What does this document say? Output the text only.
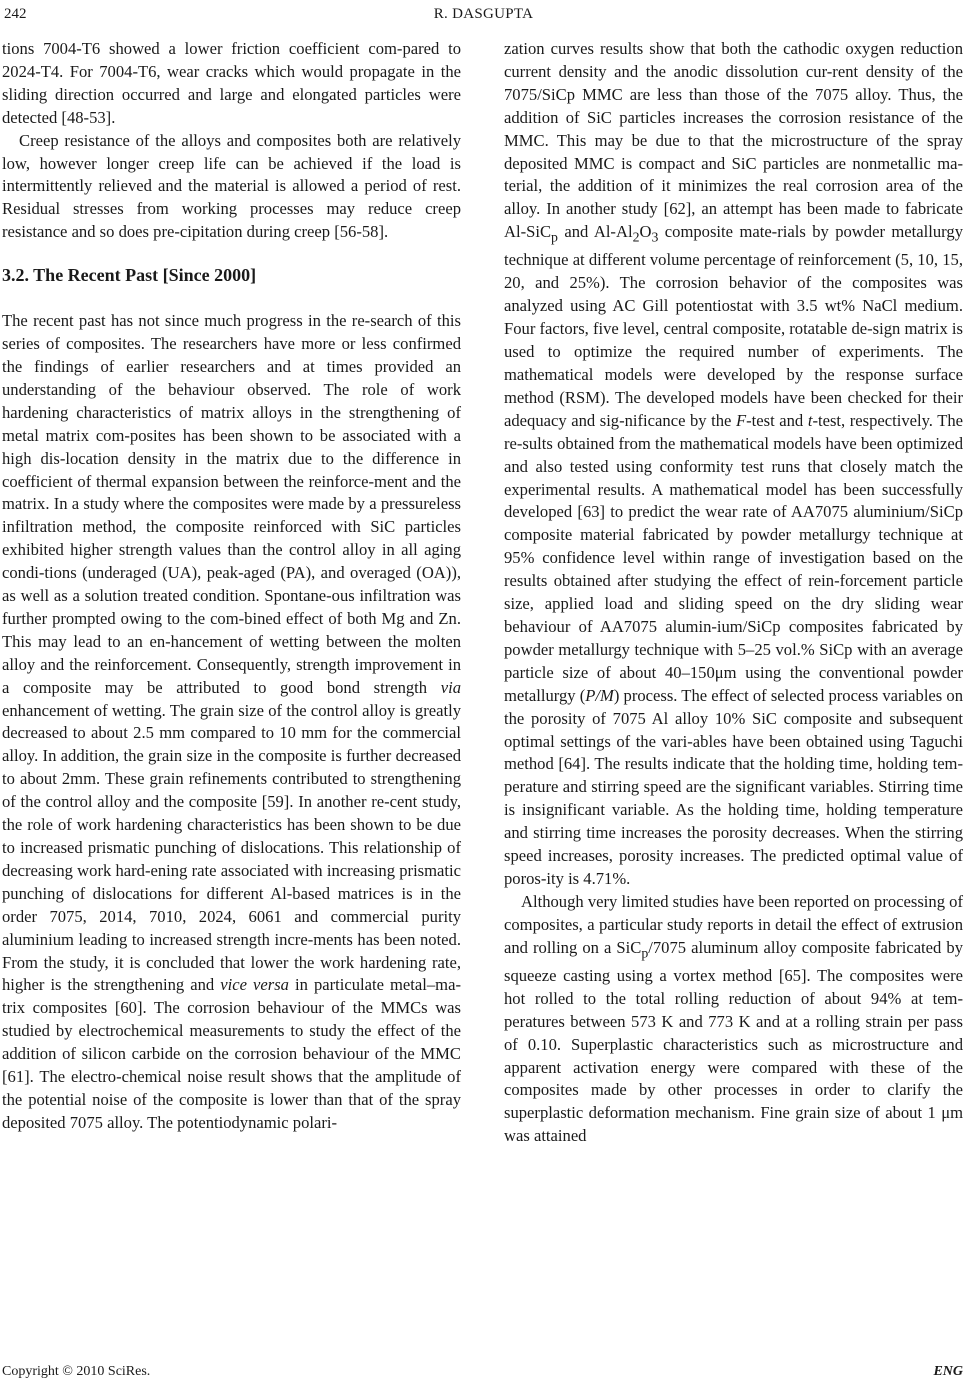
242	R. DASGUPTA

tions 7004-T6 showed a lower friction coefficient com-pared to 2024-T4. For 7004-T6, wear cracks which would propagate in the sliding direction occurred and large and elongated particles were detected [48-53].

Creep resistance of the alloys and composites both are relatively low, however longer creep life can be achieved if the load is intermittently relieved and the material is allowed a period of rest. Residual stresses from working processes may reduce creep resistance and so does pre-cipitation during creep [56-58].

3.2. The Recent Past [Since 2000]

The recent past has not since much progress in the re-search of this series of composites. The researchers have more or less confirmed the findings of earlier researchers and at times provided an understanding of the behaviour observed. The role of work hardening characteristics of matrix alloys in the strengthening of metal matrix com-posites has been shown to be associated with a high dis-location density in the matrix due to the difference in coefficient of thermal expansion between the reinforce-ment and the matrix. In a study where the composites were made by a pressureless infiltration method, the composite reinforced with SiC particles exhibited higher strength values than the control alloy in all aging condi-tions (underaged (UA), peak-aged (PA), and overaged (OA)), as well as a solution treated condition. Spontane-ous infiltration was further prompted owing to the com-bined effect of both Mg and Zn. This may lead to an en-hancement of wetting between the molten alloy and the reinforcement. Consequently, strength improvement in a composite may be attributed to good bond strength via enhancement of wetting. The grain size of the control alloy is greatly decreased to about 2.5 mm compared to 10 mm for the commercial alloy. In addition, the grain size in the composite is further decreased to about 2mm. These grain refinements contributed to strengthening of the control alloy and the composite [59]. In another re-cent study, the role of work hardening characteristics has been shown to be due to increased prismatic punching of dislocations. This relationship of decreasing work hard-ening rate associated with increasing prismatic punching of dislocations for different Al-based matrices is in the order 7075, 2014, 7010, 2024, 6061 and commercial purity aluminium leading to increased strength incre-ments has been noted. From the study, it is concluded that lower the work hardening rate, higher is the strengthening and vice versa in particulate metal–ma-trix composites [60]. The corrosion behaviour of the MMCs was studied by electrochemical measurements to study the effect of the addition of silicon carbide on the corrosion behaviour of the MMC [61]. The electro-chemical noise result shows that the amplitude of the potential noise of the composite is lower than that of the spray deposited 7075 alloy. The potentiodynamic polari-

zation curves results show that both the cathodic oxygen reduction current density and the anodic dissolution cur-rent density of the 7075/SiCp MMC are less than those of the 7075 alloy. Thus, the addition of SiC particles increases the corrosion resistance of the MMC. This may be due to that the microstructure of the spray deposited MMC is compact and SiC particles are nonmetallic ma-terial, the addition of it minimizes the real corrosion area of the alloy. In another study [62], an attempt has been made to fabricate Al-SiC$_p$ and $Al-Al_2O_3$ composite mate-rials by powder metallurgy technique at different volume percentage of reinforcement (5, 10, 15, 20, and 25%). The corrosion behavior of the composites was analyzed using AC Gill potentiostat with 3.5 wt% NaCl medium. Four factors, five level, central composite, rotatable de-sign matrix is used to optimize the required number of experiments. The mathematical models were developed by the response surface method (RSM). The developed models have been checked for their adequacy and sig-nificance by the F-test and t-test, respectively. The re-sults obtained from the mathematical models have been optimized and also tested using conformity test runs that closely match the experimental results. A mathematical model has been successfully developed [63] to predict the wear rate of AA7075 aluminium/SiCp composite material fabricated by powder metallurgy technique at 95% confidence level within range of investigation based on the results obtained after studying the effect of rein-forcement particle size, applied load and sliding speed on the dry sliding wear behaviour of AA7075 alumin-ium/SiCp composites fabricated by powder metallurgy technique with 5–25 vol.% SiCp with an average particle size of about 40–150μm using the conventional powder metallurgy (P/M) process. The effect of selected process variables on the porosity of 7075 Al alloy 10% SiC composite and subsequent optimal settings of the vari-ables have been obtained using Taguchi method [64]. The results indicate that the holding time, holding tem-perature and stirring speed are the significant variables. Stirring time is insignificant variable. As the holding time, holding temperature and stirring time increases the porosity decreases. When the stirring speed increases, porosity increases. The predicted optimal value of poros-ity is 4.71%.

Although very limited studies have been reported on processing of composites, a particular study reports in detail the effect of extrusion and rolling on a SiC$_p$/7075 aluminum alloy composite fabricated by squeeze casting using a vortex method [65]. The composites were hot rolled to the total rolling reduction of about 94% at tem-peratures between 573 K and 773 K and at a rolling strain per pass of 0.10. Superplastic characteristics such as microstructure and apparent activation energy were compared with these of the composites made by other processes in order to clarify the superplastic deformation mechanism. Fine grain size of about 1 μm was attained

Copyright © 2010 SciRes.	ENG
